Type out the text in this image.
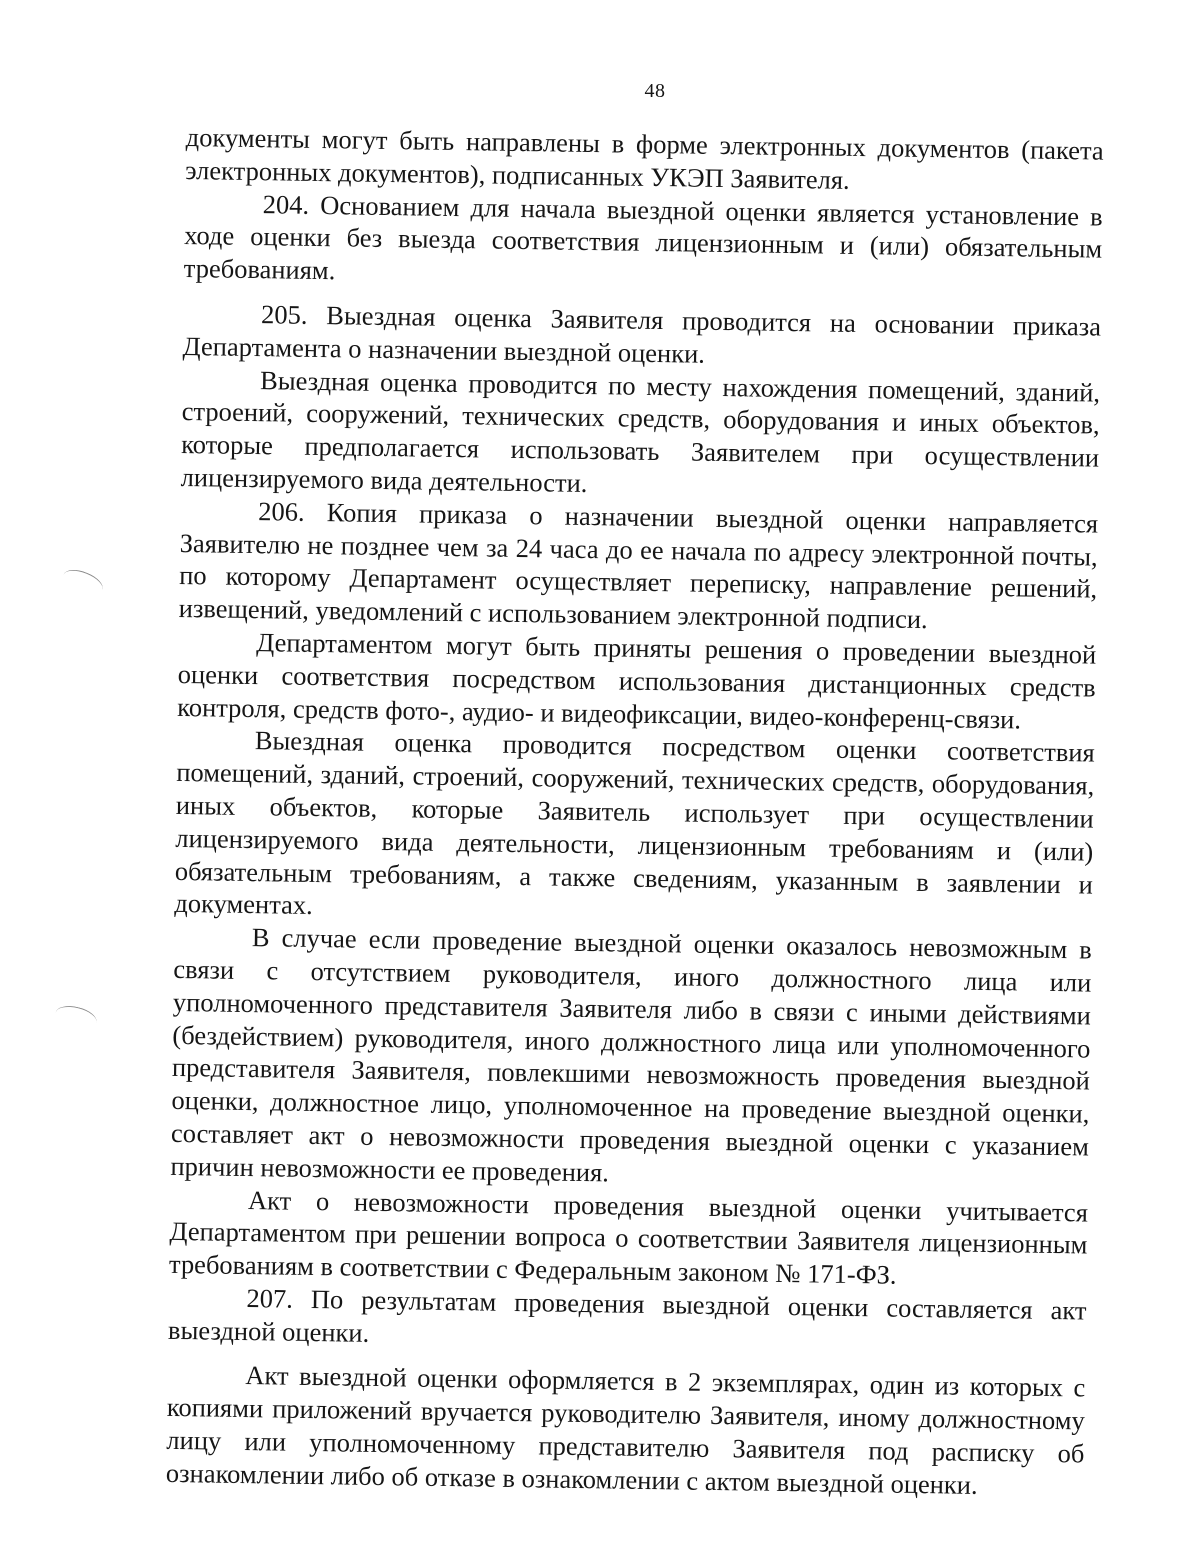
48

документы могут быть направлены в форме электронных документов (пакета электронных документов), подписанных УКЭП Заявителя.

204. Основанием для начала выездной оценки является установление в ходе оценки без выезда соответствия лицензионным и (или) обязательным требованиям.

205. Выездная оценка Заявителя проводится на основании приказа Департамента о назначении выездной оценки.

Выездная оценка проводится по месту нахождения помещений, зданий, строений, сооружений, технических средств, оборудования и иных объектов, которые предполагается использовать Заявителем при осуществлении лицензируемого вида деятельности.

206. Копия приказа о назначении выездной оценки направляется Заявителю не позднее чем за 24 часа до ее начала по адресу электронной почты, по которому Департамент осуществляет переписку, направление решений, извещений, уведомлений с использованием электронной подписи.

Департаментом могут быть приняты решения о проведении выездной оценки соответствия посредством использования дистанционных средств контроля, средств фото-, аудио- и видеофиксации, видео-конференц-связи.

Выездная оценка проводится посредством оценки соответствия помещений, зданий, строений, сооружений, технических средств, оборудования, иных объектов, которые Заявитель использует при осуществлении лицензируемого вида деятельности, лицензионным требованиям и (или) обязательным требованиям, а также сведениям, указанным в заявлении и документах.

В случае если проведение выездной оценки оказалось невозможным в связи с отсутствием руководителя, иного должностного лица или уполномоченного представителя Заявителя либо в связи с иными действиями (бездействием) руководителя, иного должностного лица или уполномоченного представителя Заявителя, повлекшими невозможность проведения выездной оценки, должностное лицо, уполномоченное на проведение выездной оценки, составляет акт о невозможности проведения выездной оценки с указанием причин невозможности ее проведения.

Акт о невозможности проведения выездной оценки учитывается Департаментом при решении вопроса о соответствии Заявителя лицензионным требованиям в соответствии с Федеральным законом № 171-ФЗ.

207. По результатам проведения выездной оценки составляется акт выездной оценки.

Акт выездной оценки оформляется в 2 экземплярах, один из которых с копиями приложений вручается руководителю Заявителя, иному должностному лицу или уполномоченному представителю Заявителя под расписку об ознакомлении либо об отказе в ознакомлении с актом выездной оценки.
